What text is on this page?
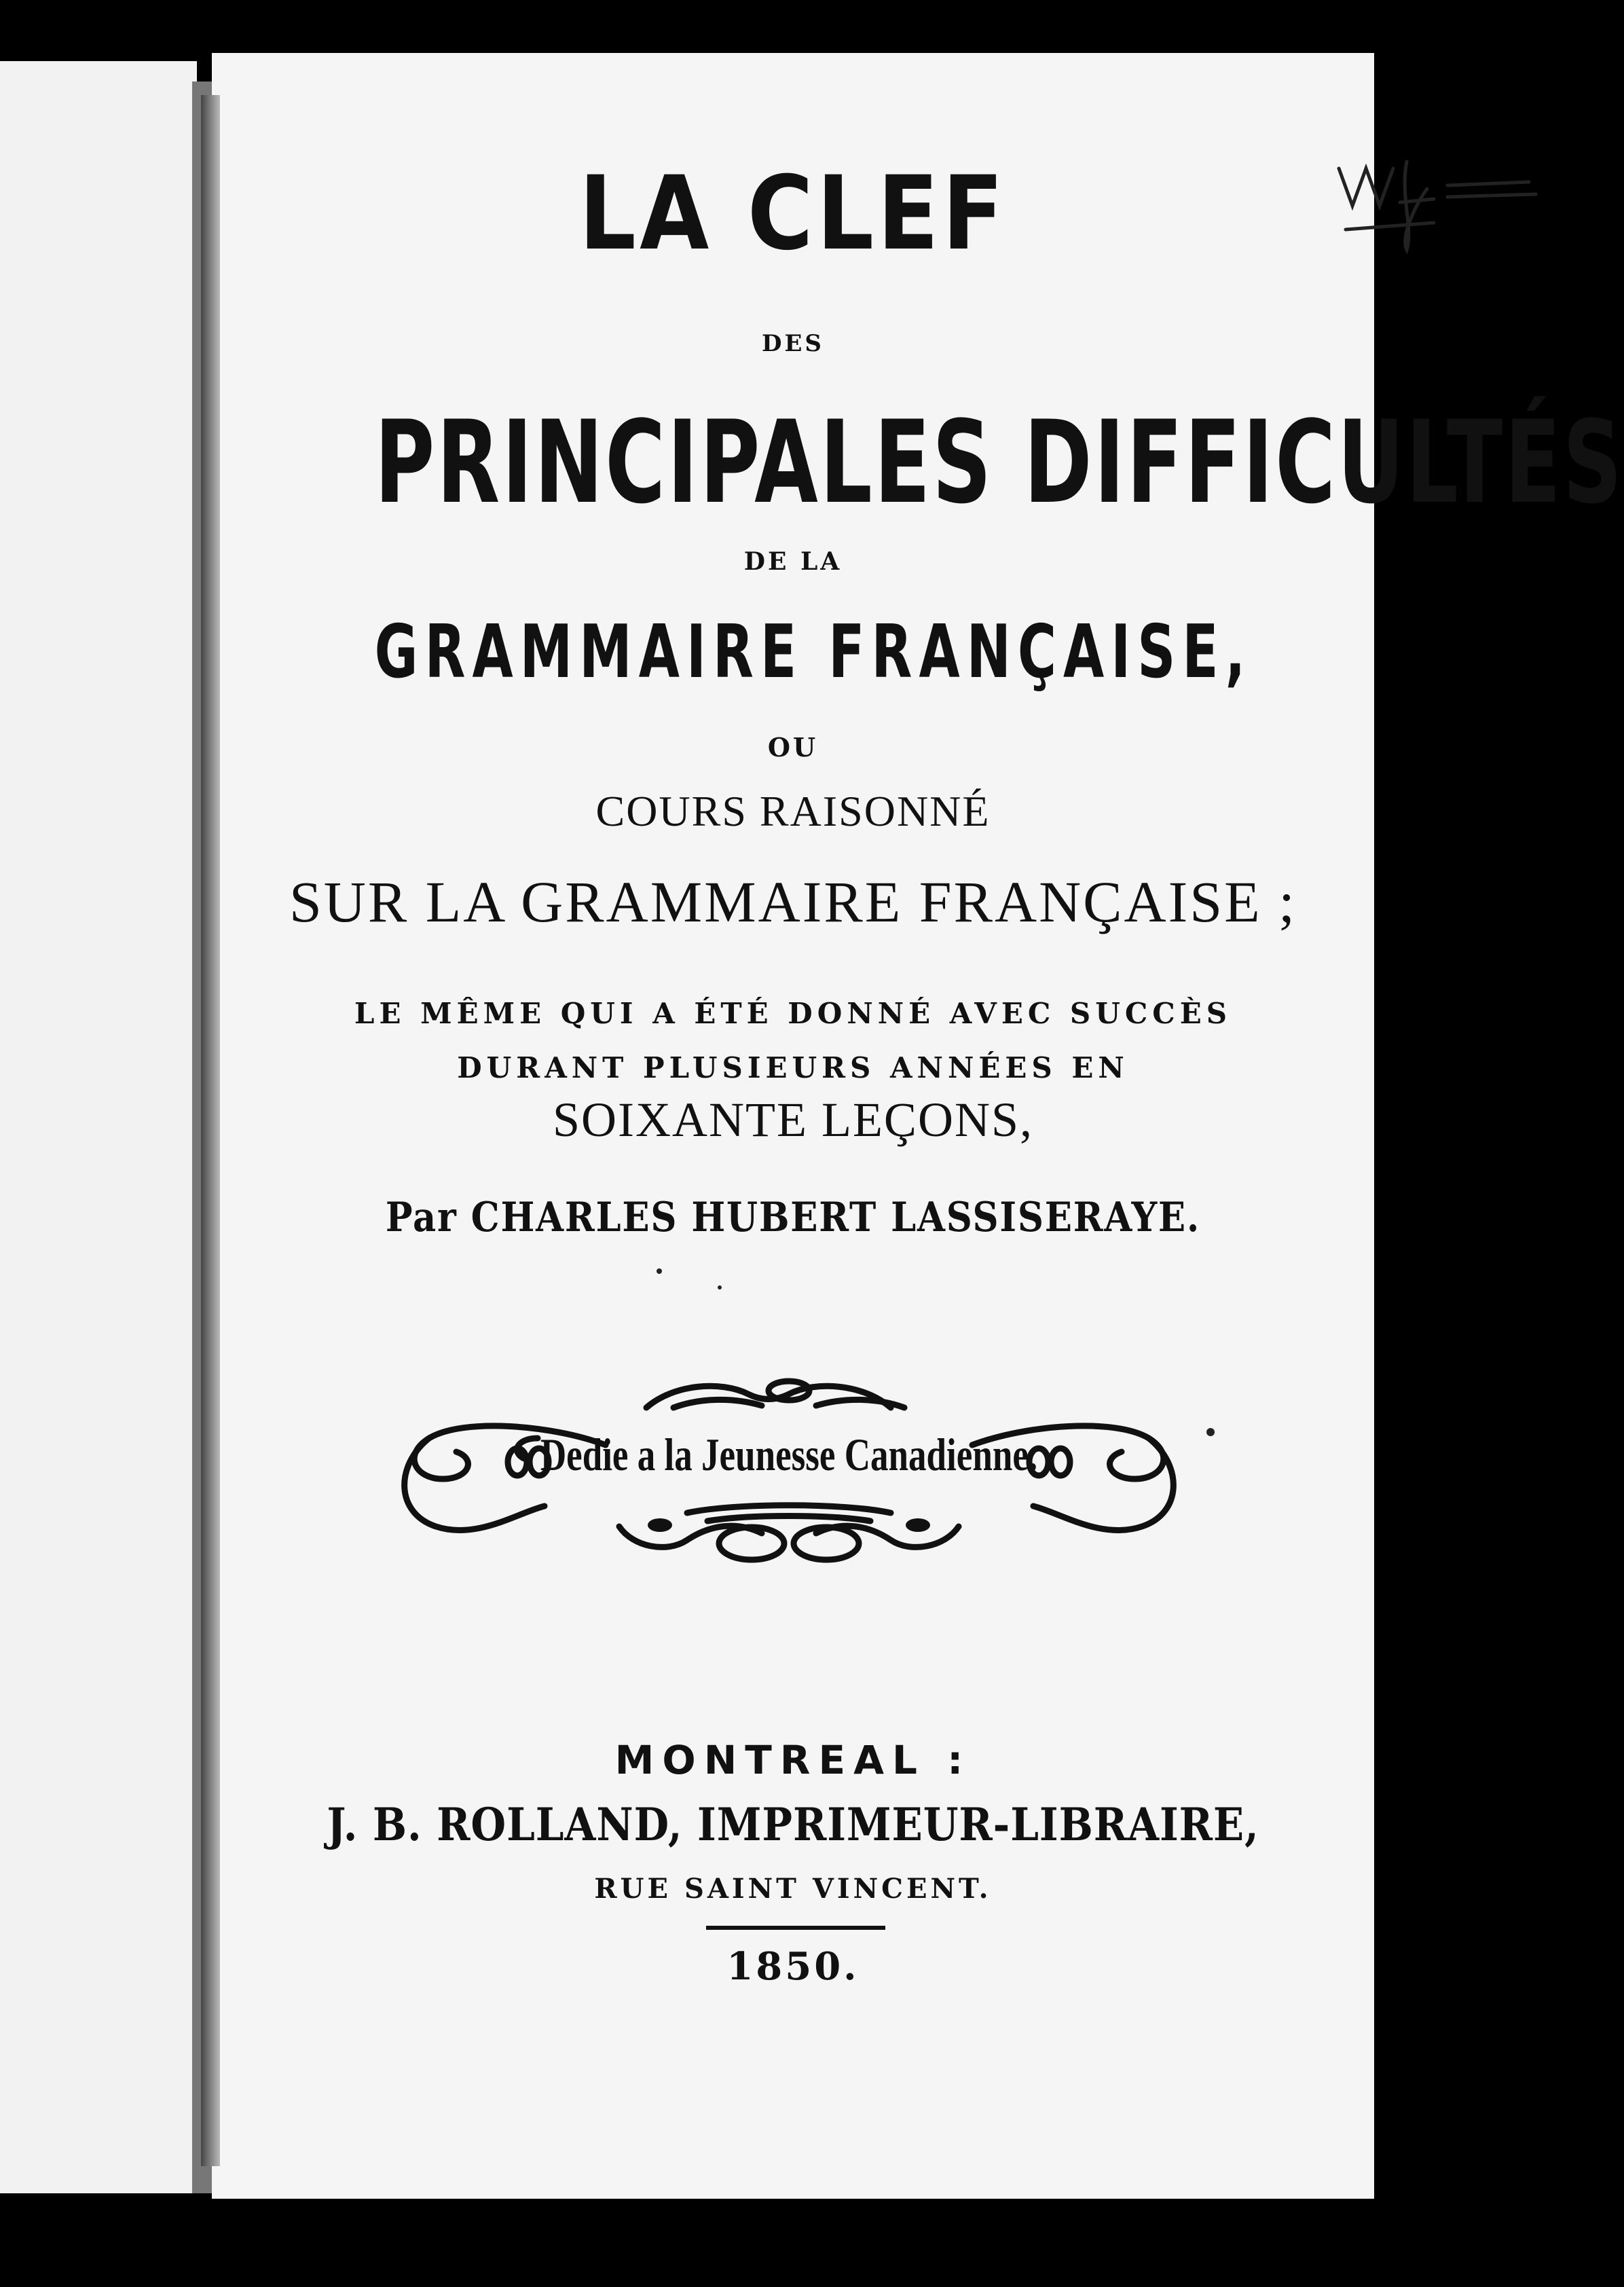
LA CLEF
DES
PRINCIPALES DIFFICULTÉS
DE LA
GRAMMAIRE FRANÇAISE,
OU
COURS RAISONNÉ
SUR LA GRAMMAIRE FRANÇAISE ;
LE MÊME QUI A ÉTÉ DONNÉ AVEC SUCCÈS
DURANT PLUSIEURS ANNÉES EN
SOIXANTE LEÇONS,
Par CHARLES HUBERT LASSISERAYE.
Dedie a la Jeunesse Canadienne.
MONTREAL :
J. B. ROLLAND, IMPRIMEUR-LIBRAIRE,
RUE SAINT VINCENT.
1850.
